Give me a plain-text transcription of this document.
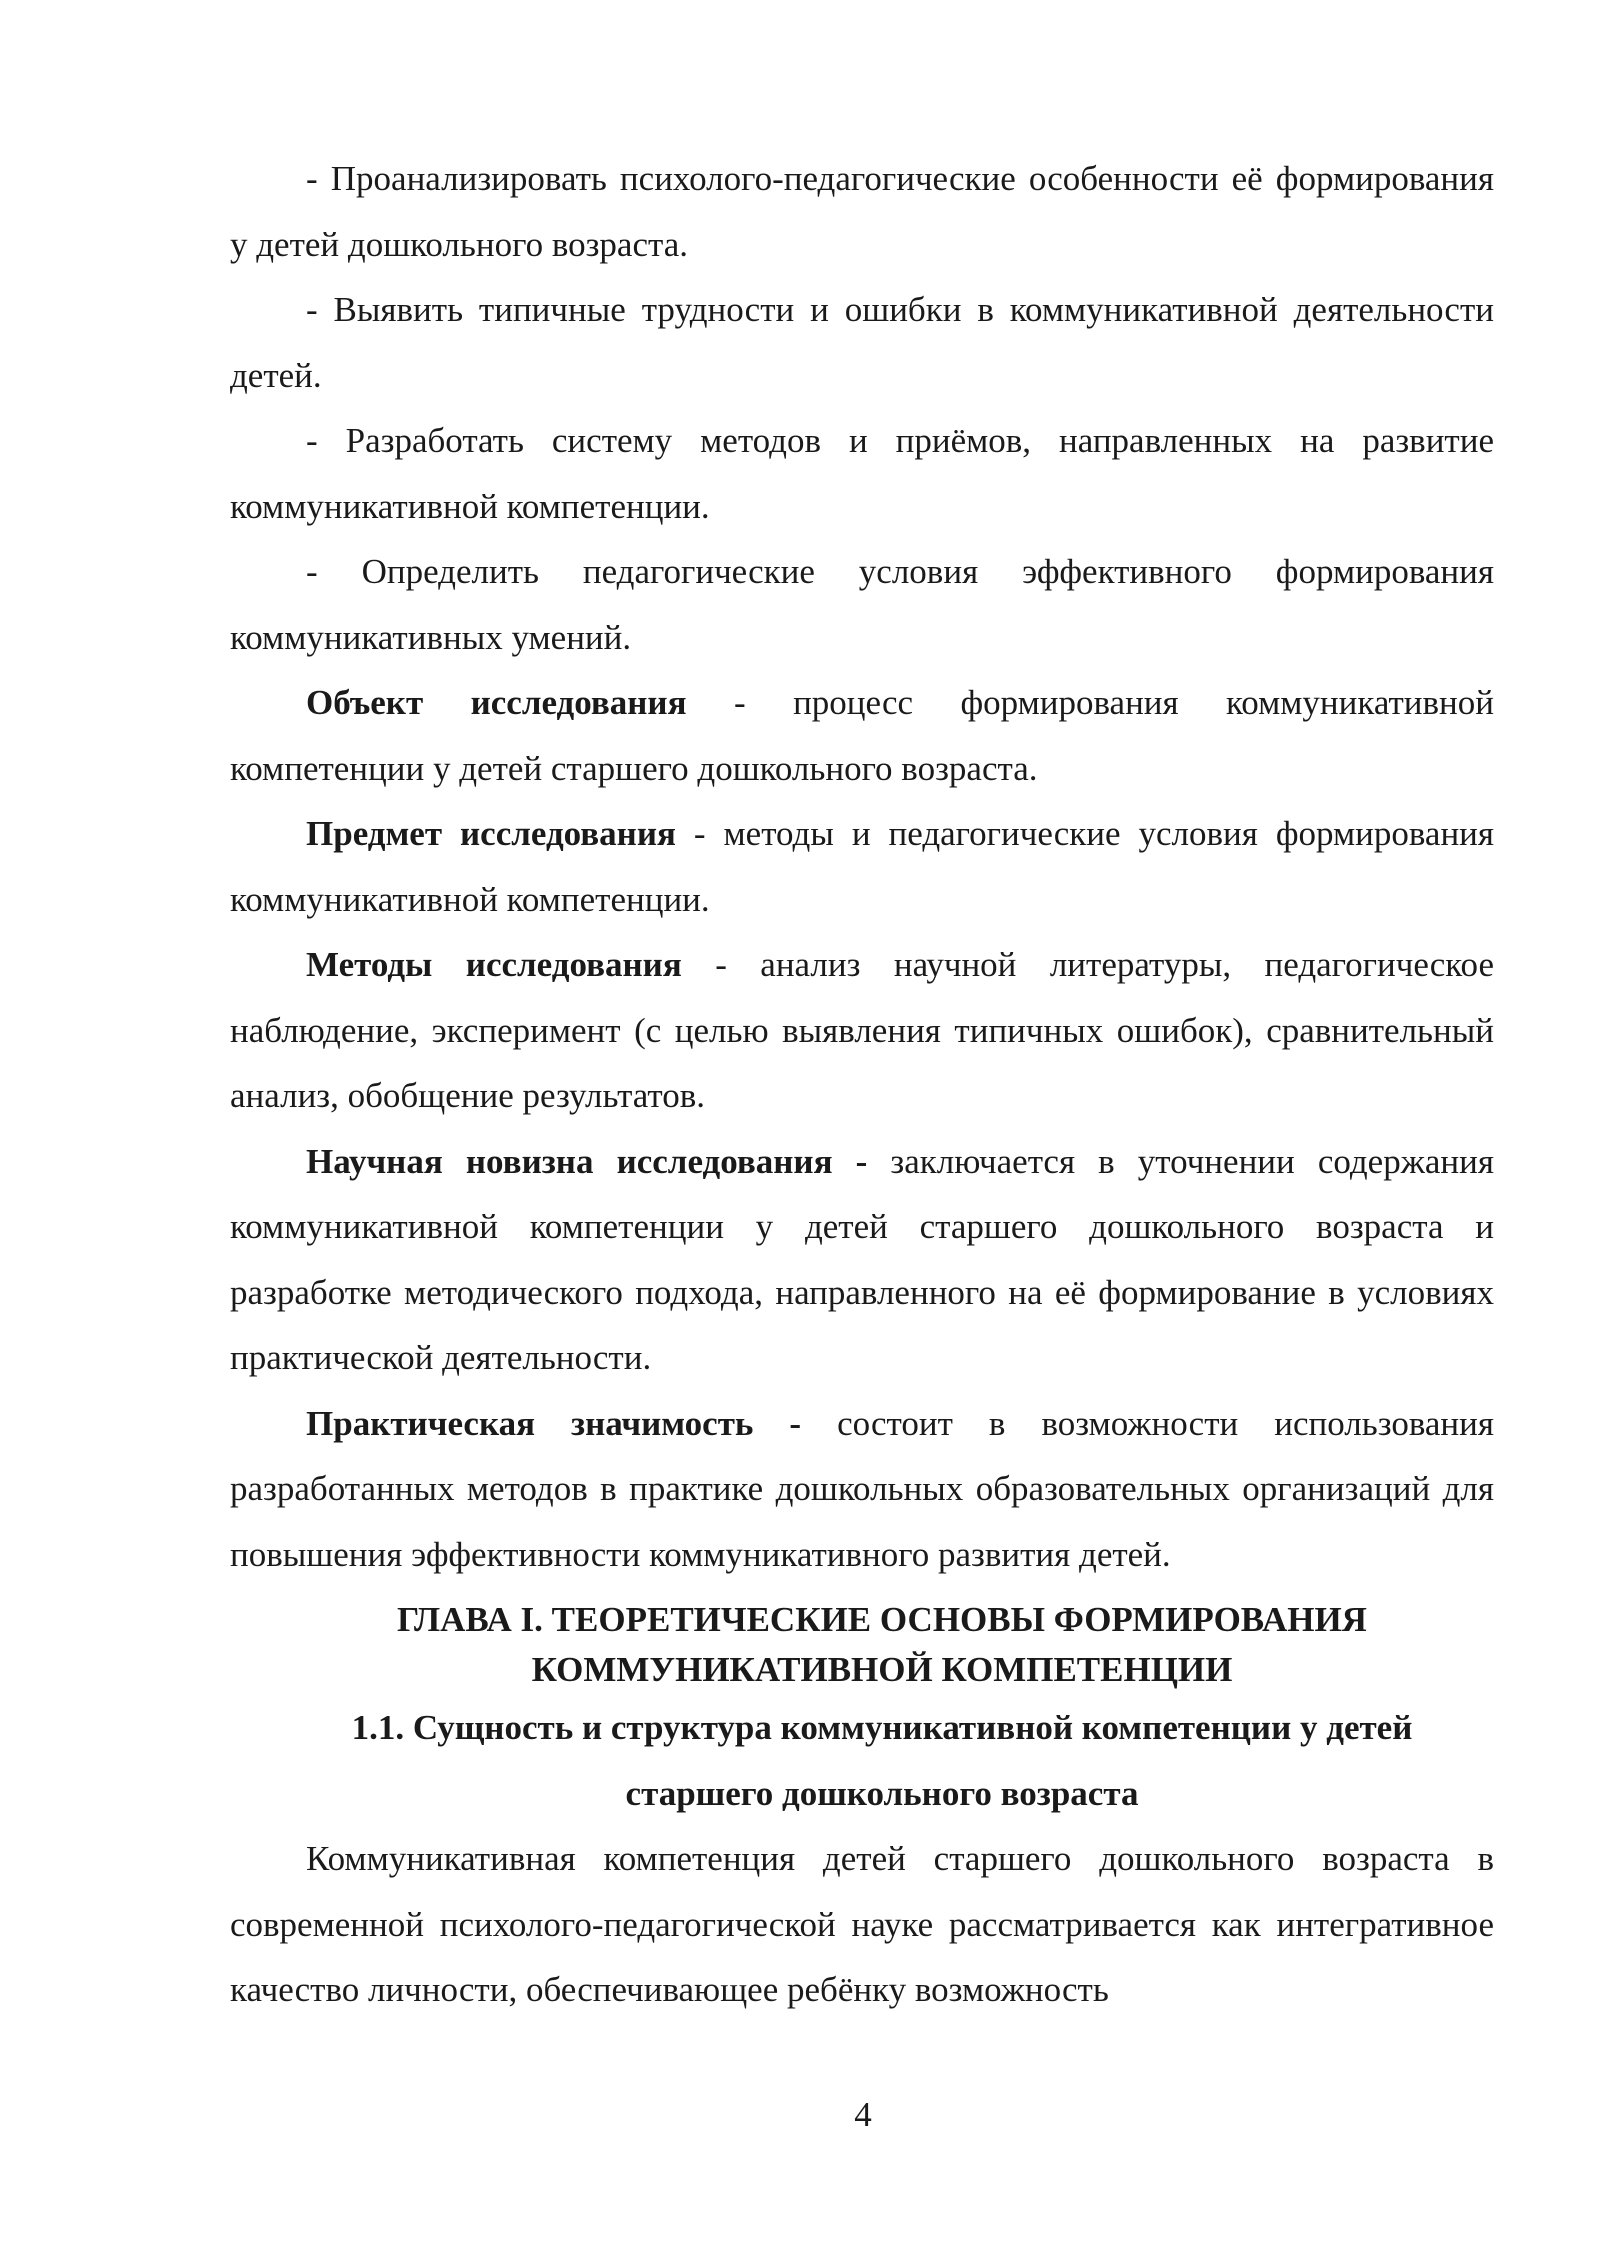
- Проанализировать психолого-педагогические особенности её формирования у детей дошкольного возраста.

- Выявить типичные трудности и ошибки в коммуникативной деятельности детей.

- Разработать систему методов и приёмов, направленных на развитие коммуникативной компетенции.

- Определить педагогические условия эффективного формирования коммуникативных умений.

Объект исследования - процесс формирования коммуникативной компетенции у детей старшего дошкольного возраста.

Предмет исследования - методы и педагогические условия формирования коммуникативной компетенции.

Методы исследования - анализ научной литературы, педагогическое наблюдение, эксперимент (с целью выявления типичных ошибок), сравнительный анализ, обобщение результатов.

Научная новизна исследования - заключается в уточнении содержания коммуникативной компетенции у детей старшего дошкольного возраста и разработке методического подхода, направленного на её формирование в условиях практической деятельности.

Практическая значимость - состоит в возможности использования разработанных методов в практике дошкольных образовательных организаций для повышения эффективности коммуникативного развития детей.

ГЛАВА I. ТЕОРЕТИЧЕСКИЕ ОСНОВЫ ФОРМИРОВАНИЯ
КОММУНИКАТИВНОЙ КОМПЕТЕНЦИИ
1.1. Сущность и структура коммуникативной компетенции у детей
старшего дошкольного возраста

Коммуникативная компетенция детей старшего дошкольного возраста в современной психолого-педагогической науке рассматривается как интегративное качество личности, обеспечивающее ребёнку возможность

4
